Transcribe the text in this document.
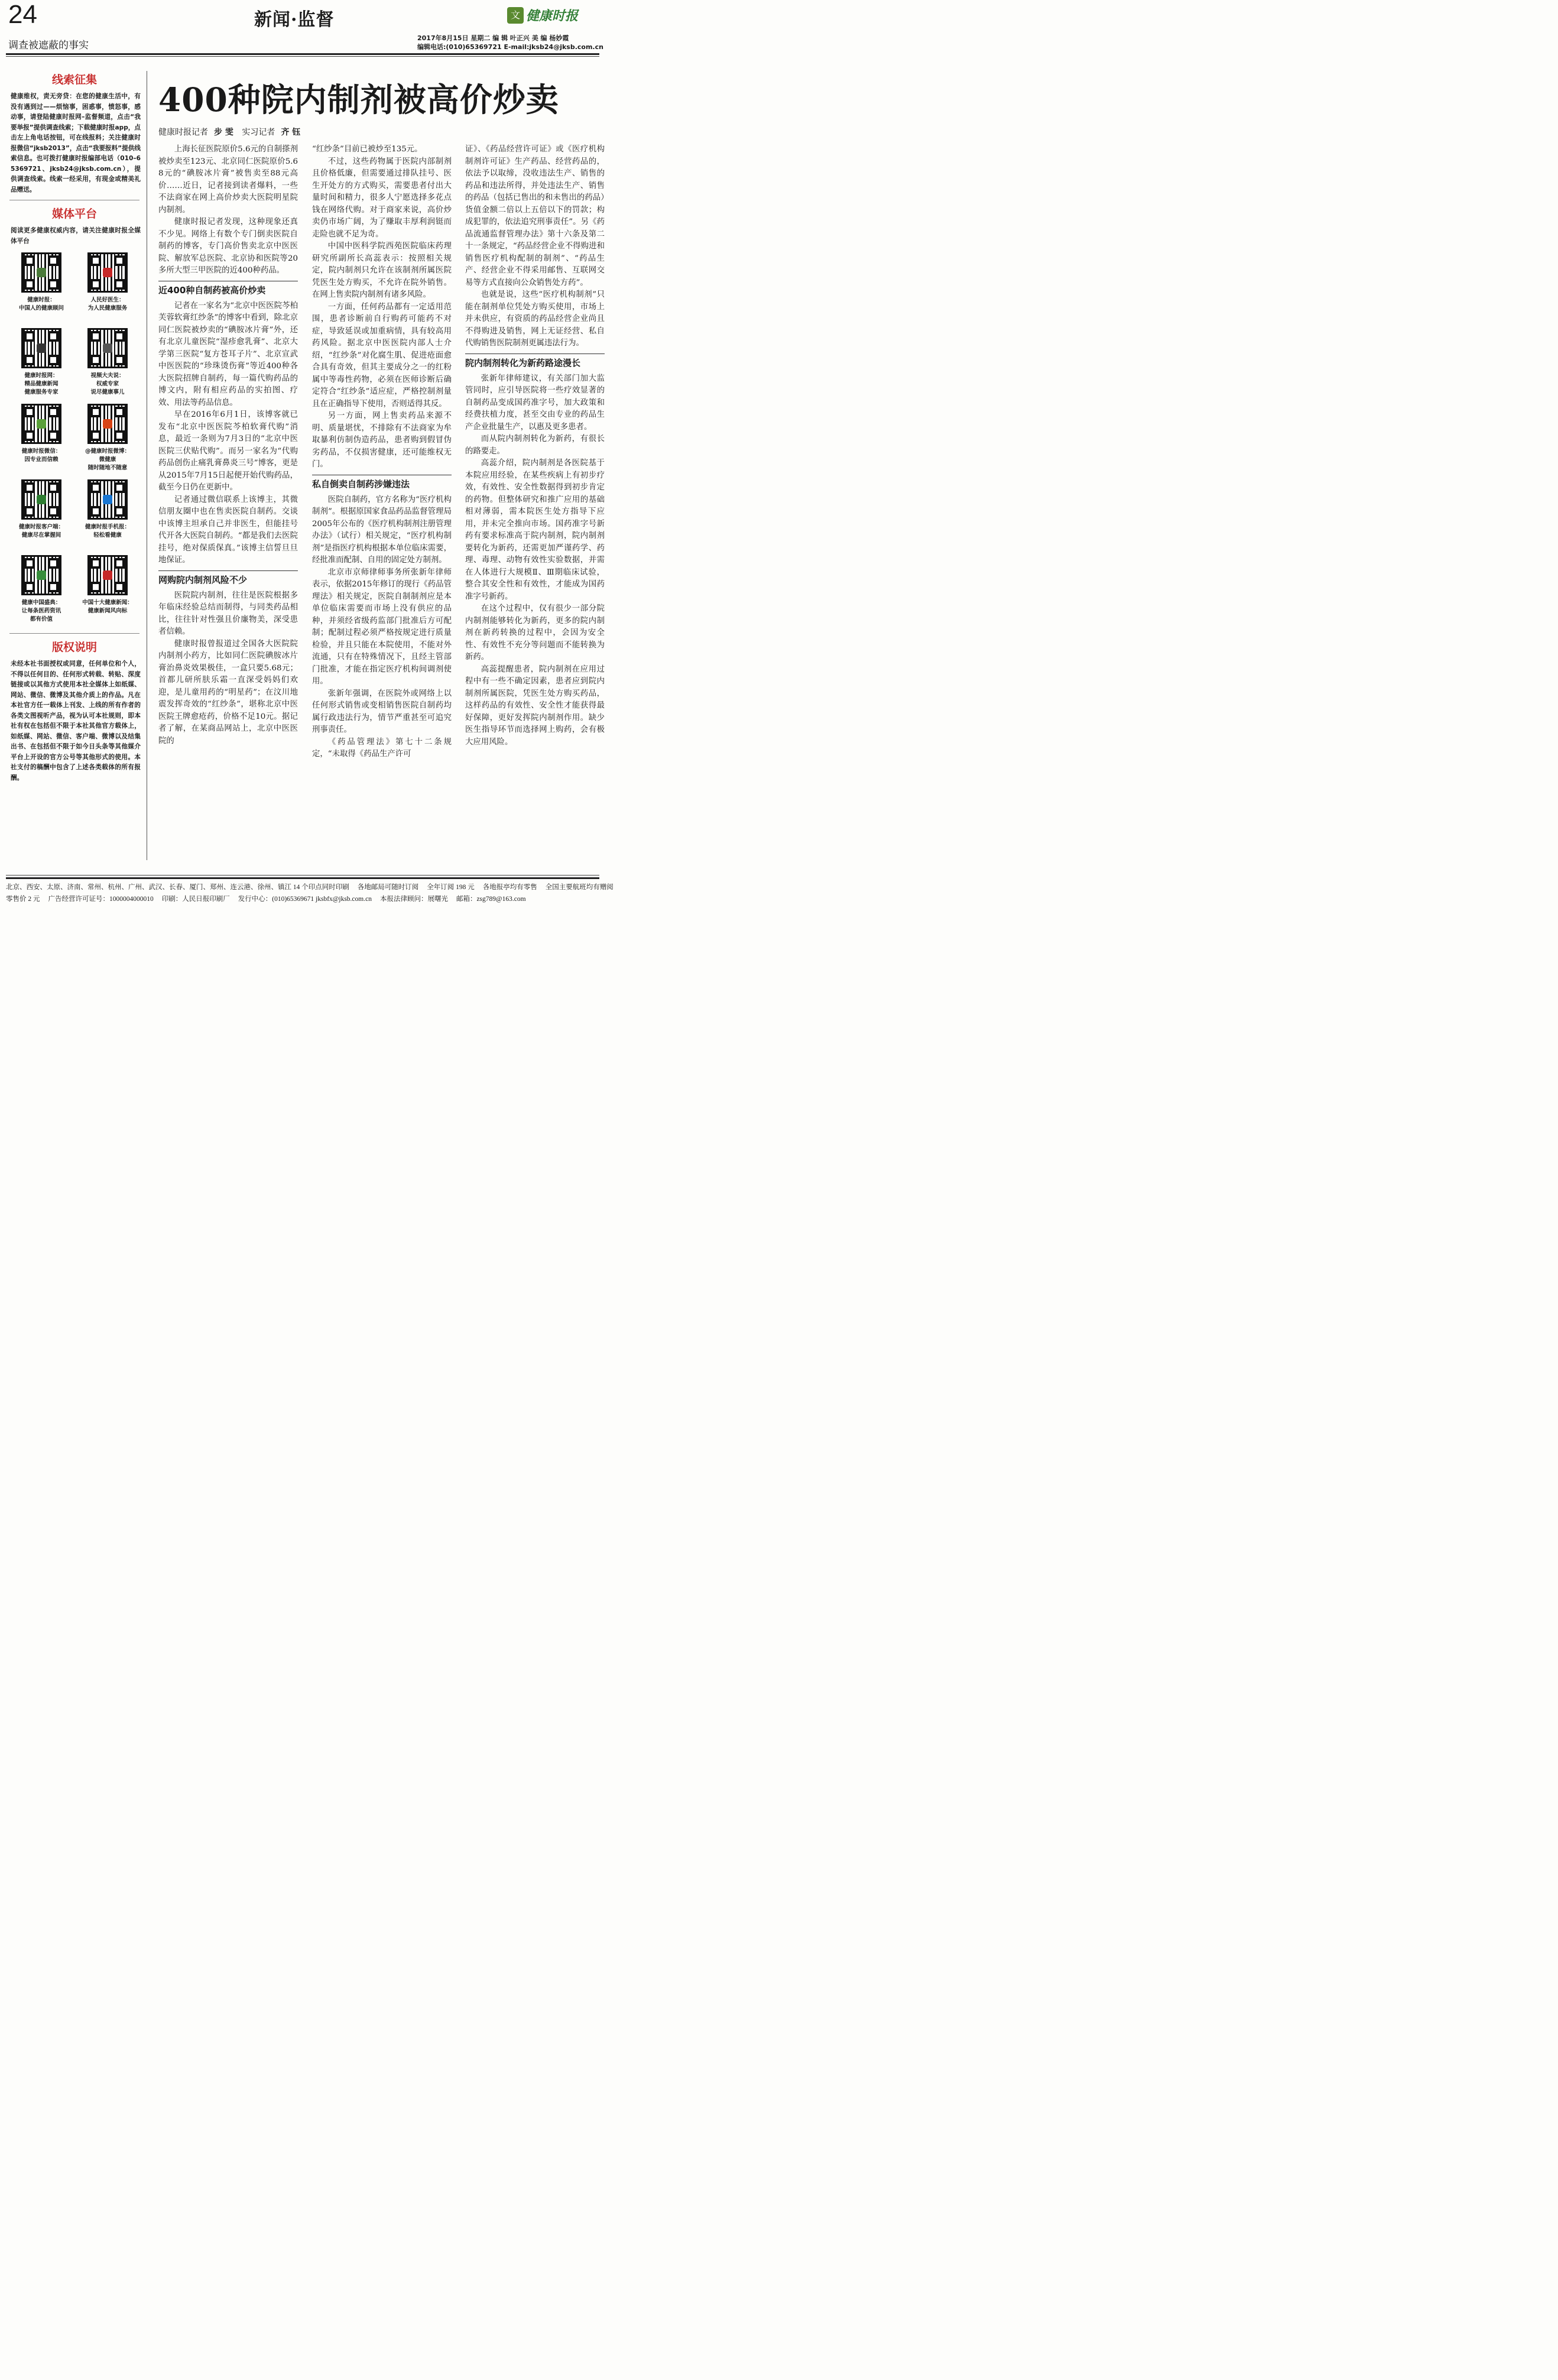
24
调查被遮蔽的事实
新闻·监督	文 健康时报
2017年8月15日 星期二 编 辑 叶正兴 美 编 杨妙霞
编辑电话:(010)65369721 E-mail:jksb24@jksb.com.cn
线索征集
健康维权，责无旁贷：在您的健康生活中，有没有遇到过——烦恼事，困惑事，愤怒事，感动事，请登陆健康时报网–监督频道，点击“我要举报”提供调查线索；下载健康时报app，点击左上角电话按钮，可在线报料；关注健康时报微信“jksb2013”，点击“我要报料”提供线索信息。也可拨打健康时报编部电话（010–65369721、jksb24@jksb.com.cn），提供调查线索。线索一经采用，有现金或精美礼品赠送。
媒体平台
阅读更多健康权威内容，请关注健康时报全媒体平台
健康时报：
中国人的健康顾问
人民好医生：
为人民健康服务
健康时报网：
精品健康新闻
健康服务专家
视频大夫说：
权威专家
说尽健康事儿
健康时报微信：
因专业而信赖
@健康时报微博：
微健康
随时随地不随意
健康时报客户端：
健康尽在掌握间
健康时报手机报：
轻松看健康
健康中国盛典：
让每条医药资讯
都有价值
中国十大健康新闻：
健康新闻风向标
版权说明
未经本社书面授权或同意，任何单位和个人，不得以任何目的、任何形式转载、转贴、深度链接或以其他方式使用本社全媒体上如纸媒、网站、微信、微博及其他介质上的作品。凡在本社官方任一载体上刊发、上线的所有作者的各类文图视听产品，视为认可本社规则，即本社有权在包括但不限于本社其他官方载体上，如纸媒、网站、微信、客户端、微博以及结集出书、在包括但不限于如今日头条等其他媒介平台上开设的官方公号等其他形式的使用。本社支付的稿酬中包含了上述各类载体的所有报酬。
400种院内制剂被高价炒卖
健康时报记者 步 雯 实习记者 齐 钰

上海长征医院原价5.6元的自制搽剂被炒卖至123元、北京同仁医院原价5.68元的“碘胺冰片膏”被售卖至88元高价……近日，记者接到读者爆料，一些不法商家在网上高价炒卖大医院明星院内制剂。

健康时报记者发现，这种现象还真不少见。网络上有数个专门倒卖医院自制药的博客，专门高价售卖北京中医医院、解放军总医院、北京协和医院等20多所大型三甲医院的近400种药品。

近400种自制药被高价炒卖

记者在一家名为“北京中医医院芩柏芙蓉软膏红纱条”的博客中看到，除北京同仁医院被炒卖的“碘胺冰片膏”外，还有北京儿童医院“湿疹愈乳膏”、北京大学第三医院“复方苍耳子片”、北京宣武中医医院的“珍珠烫伤膏”等近400种各大医院招牌自制药，每一篇代购药品的博文内，附有相应药品的实拍图、疗效、用法等药品信息。

早在2016年6月1日，该博客就已发布“北京中医医院芩柏软膏代购”消息，最近一条则为7月3日的“北京中医医院三伏贴代购”。而另一家名为“代购药品创伤止痛乳膏鼻炎三号”博客，更是从2015年7月15日起便开始代购药品，截至今日仍在更新中。

记者通过微信联系上该博主，其微信朋友圈中也在售卖医院自制药。交谈中该博主坦承自己并非医生，但能挂号代开各大医院自制药。“都是我们去医院挂号，绝对保质保真。”该博主信誓旦旦地保证。

网购院内制剂风险不少

医院院内制剂，往往是医院根据多年临床经验总结而制得，与同类药品相比，往往针对性强且价廉物美，深受患者信赖。

健康时报曾报道过全国各大医院院内制剂小药方，比如同仁医院碘胺冰片膏治鼻炎效果极佳，一盒只要5.68元；首都儿研所肤乐霜一直深受妈妈们欢迎，是儿童用药的“明星药”；在汶川地震发挥奇效的“红纱条”，堪称北京中医医院王牌愈疮药，价格不足10元。据记者了解，在某商品网站上，北京中医医院的

“红纱条”目前已被炒至135元。

不过，这些药物属于医院内部制剂且价格低廉，但需要通过排队挂号、医生开处方的方式购买，需要患者付出大量时间和精力，很多人宁愿选择多花点钱在网络代购。对于商家来说，高价炒卖仍市场广阔，为了赚取丰厚利润铤而走险也就不足为奇。

中国中医科学院西苑医院临床药理研究所副所长高蕊表示：按照相关规定，院内制剂只允许在该制剂所属医院凭医生处方购买，不允许在院外销售。在网上售卖院内制剂有诸多风险。

一方面，任何药品都有一定适用范围，患者诊断前自行购药可能药不对症，导致延误或加重病情，具有较高用药风险。据北京中医医院内部人士介绍，“红纱条”对化腐生肌、促进疮面愈合具有奇效，但其主要成分之一的红粉属中等毒性药物，必须在医师诊断后确定符合“红纱条”适应症，严格控制剂量且在正确指导下使用，否则适得其反。

另一方面，网上售卖药品来源不明、质量堪忧，不排除有不法商家为牟取暴利仿制伪造药品，患者购到假冒伪劣药品，不仅损害健康，还可能维权无门。

私自倒卖自制药涉嫌违法

医院自制药，官方名称为“医疗机构制剂”。根据原国家食品药品监督管理局2005年公布的《医疗机构制剂注册管理办法》（试行）相关规定，“医疗机构制剂”是指医疗机构根据本单位临床需要，经批准而配制、自用的固定处方制剂。

北京市京师律师事务所张新年律师表示，依据2015年修订的现行《药品管理法》相关规定，医院自制制剂应是本单位临床需要而市场上没有供应的品种，并须经省级药监部门批准后方可配制；配制过程必须严格按规定进行质量检验，并且只能在本院使用，不能对外流通，只有在特殊情况下，且经主管部门批准，才能在指定医疗机构间调剂使用。

张新年强调，在医院外或网络上以任何形式销售或变相销售医院自制药均属行政违法行为，情节严重甚至可追究刑事责任。

《药品管理法》第七十二条规定，“未取得《药品生产许可

证》、《药品经营许可证》或《医疗机构制剂许可证》生产药品、经营药品的，依法予以取缔，没收违法生产、销售的药品和违法所得，并处违法生产、销售的药品（包括已售出的和未售出的药品）货值金额二倍以上五倍以下的罚款；构成犯罪的，依法追究刑事责任”。另《药品流通监督管理办法》第十六条及第二十一条规定，“药品经营企业不得购进和销售医疗机构配制的制剂”、“药品生产、经营企业不得采用邮售、互联网交易等方式直接向公众销售处方药”。

也就是说，这些“医疗机构制剂”只能在制剂单位凭处方购买使用，市场上并未供应，有资质的药品经营企业尚且不得购进及销售，网上无证经营、私自代购销售医院制剂更属违法行为。

院内制剂转化为新药路途漫长

张新年律师建议，有关部门加大监管同时，应引导医院将一些疗效显著的自制药品变成国药准字号，加大政策和经费扶植力度，甚至交由专业的药品生产企业批量生产，以惠及更多患者。

而从院内制剂转化为新药，有很长的路要走。

高蕊介绍，院内制剂是各医院基于本院应用经验，在某些疾病上有初步疗效，有效性、安全性数据得到初步肯定的药物。但整体研究和推广应用的基础相对薄弱，需本院医生处方指导下应用，并未完全推向市场。国药准字号新药有要求标准高于院内制剂，院内制剂要转化为新药，还需更加严谨药学、药理、毒理、动物有效性实验数据，并需在人体进行大规模Ⅱ、Ⅲ期临床试验，整合其安全性和有效性，才能成为国药准字号新药。

在这个过程中，仅有很少一部分院内制剂能够转化为新药，更多的院内制剂在新药转换的过程中，会因为安全性、有效性不充分等问题而不能转换为新药。

高蕊提醒患者，院内制剂在应用过程中有一些不确定因素，患者应到院内制剂所属医院，凭医生处方购买药品，这样药品的有效性、安全性才能获得最好保障，更好发挥院内制剂作用。缺少医生指导环节而选择网上购药，会有极大应用风险。

北京、西安、太原、济南、常州、杭州、广州、武汉、长春、厦门、郑州、连云港、徐州、镇江 14 个印点同时印刷 各地邮局可随时订阅 全年订阅 198 元 各地报亭均有零售 全国主要航班均有赠阅
零售价 2 元 广告经营许可证号：1000004000010 印刷：人民日报印刷厂 发行中心：(010)65369671 jksbfx@jksb.com.cn 本报法律顾问：展曙光 邮箱：zsg789@163.com
